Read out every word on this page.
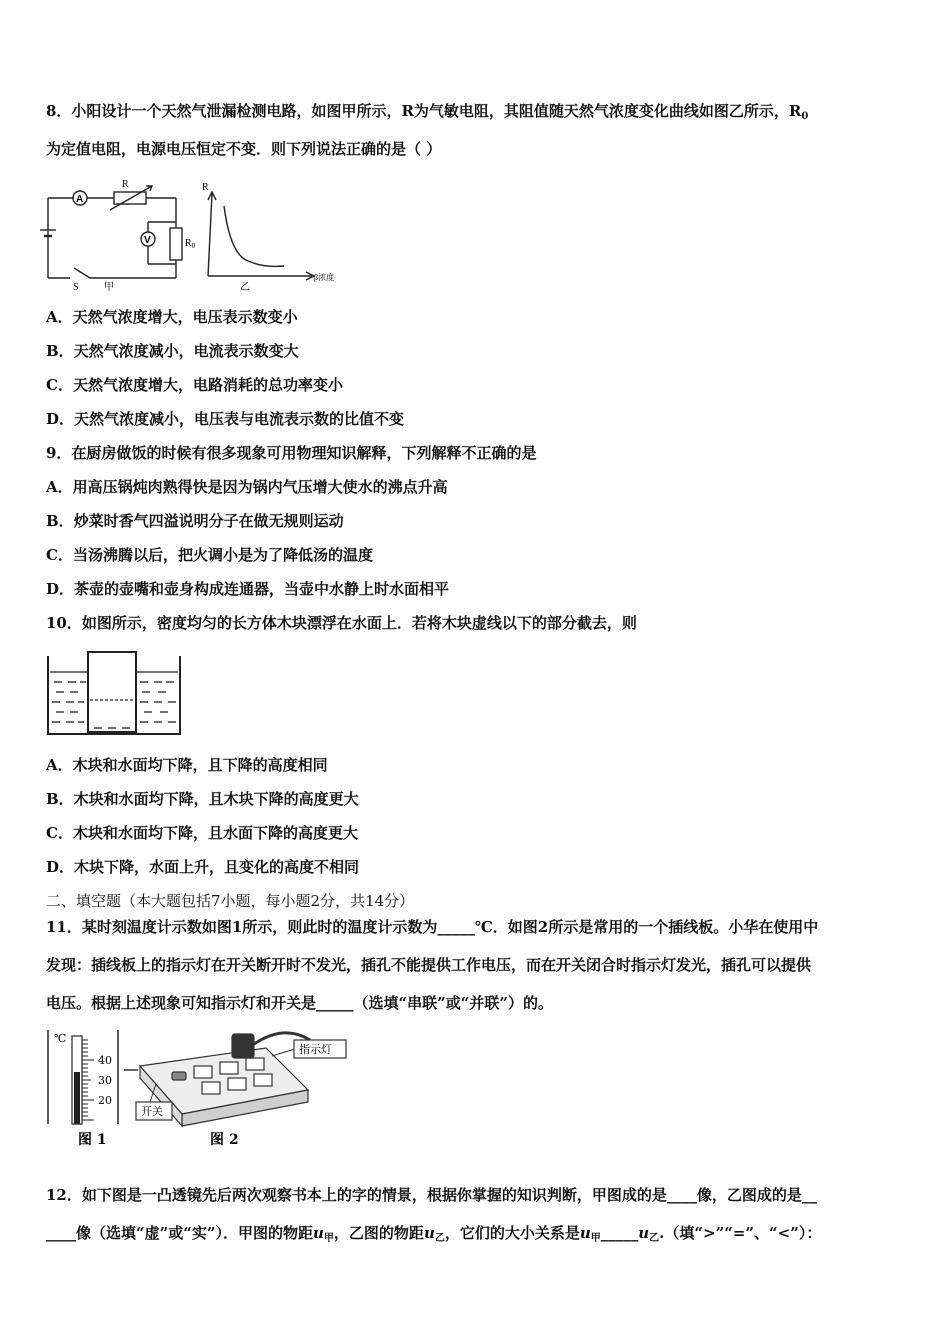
8．小阳设计一个天然气泄漏检测电路，如图甲所示，R为气敏电阻，其阻值随天然气浓度变化曲线如图乙所示，$R_0$
为定值电阻，电源电压恒定不变．则下列说法正确的是（ ）
A
V
R
$R_0$
S	甲
R
β浓度
乙
A．天然气浓度增大，电压表示数变小
B．天然气浓度减小，电流表示数变大
C．天然气浓度增大，电路消耗的总功率变小
D．天然气浓度减小，电压表与电流表示数的比值不变
9．在厨房做饭的时候有很多现象可用物理知识解释，下列解释不正确的是
A．用高压锅炖肉熟得快是因为锅内气压增大使水的沸点升高
B．炒菜时香气四溢说明分子在做无规则运动
C．当汤沸腾以后，把火调小是为了降低汤的温度
D．茶壶的壶嘴和壶身构成连通器，当壶中水静上时水面相平
10．如图所示，密度均匀的长方体木块漂浮在水面上．若将木块虚线以下的部分截去，则
A．木块和水面均下降，且下降的高度相同
B．木块和水面均下降，且木块下降的高度更大
C．木块和水面均下降，且水面下降的高度更大
D．木块下降，水面上升，且变化的高度不相同
二、填空题（本大题包括7小题，每小题2分，共14分）
11．某时刻温度计示数如图1所示，则此时的温度计示数为_____℃．如图2所示是常用的一个插线板。小华在使用中
发现：插线板上的指示灯在开关断开时不发光，插孔不能提供工作电压，而在开关闭合时指示灯发光，插孔可以提供
电压。根据上述现象可知指示灯和开关是_____（选填“串联”或“并联”）的。
℃
40
30
20
图 1
指示灯
开关
图 2
12．如下图是一凸透镜先后两次观察书本上的字的情景，根据你掌握的知识判断，甲图成的是____像，乙图成的是__
____像（选填“虚”或“实”）．甲图的物距$u_甲$，乙图的物距$u_乙$，它们的大小关系是$u_甲\_\_\_\_\_u_乙$.（填“>”“=”、“<”）：
